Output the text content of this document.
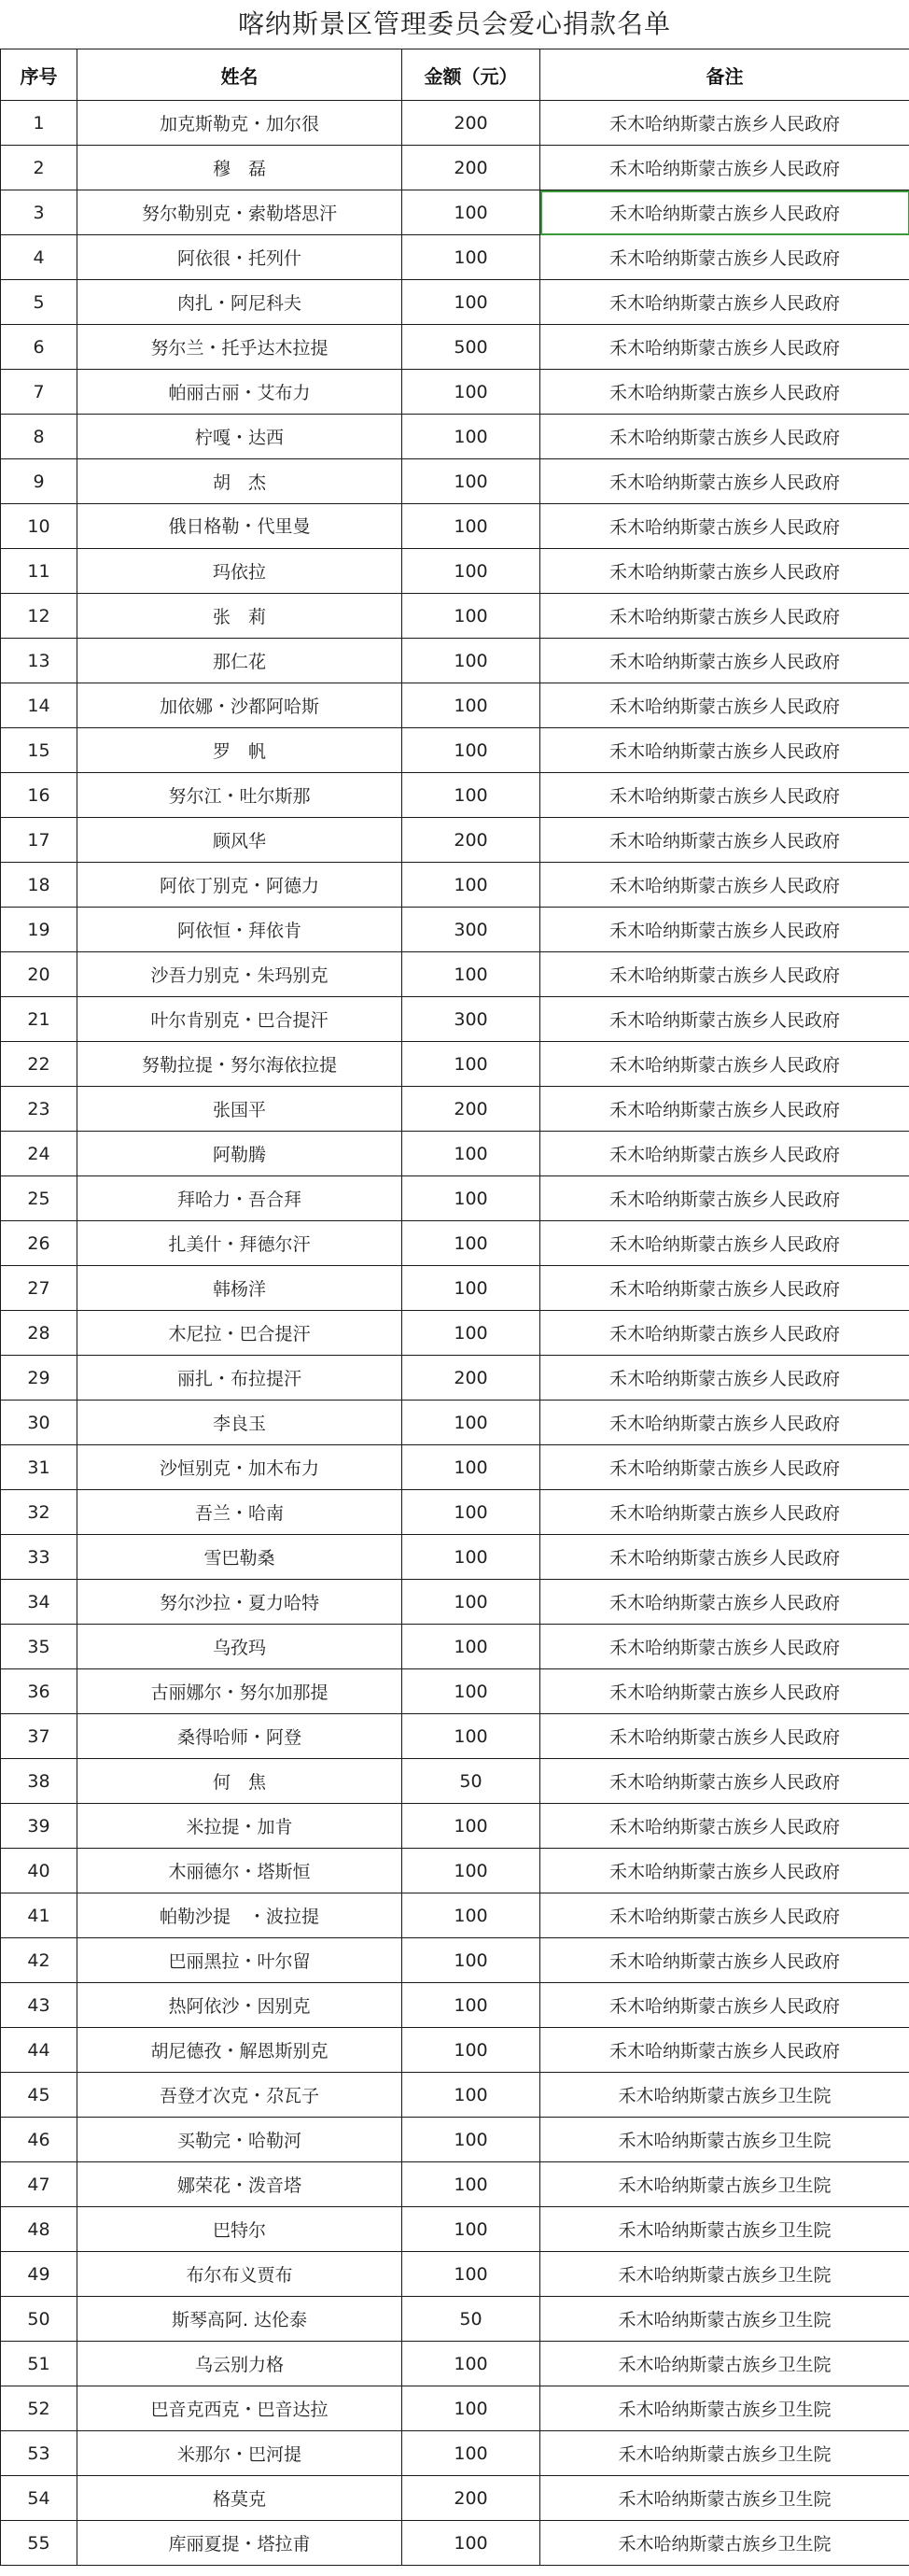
喀纳斯景区管理委员会爱心捐款名单
序号	姓名	金额（元）	备注
1	加克斯勒克・加尔很	200	禾木哈纳斯蒙古族乡人民政府
2	穆　磊	200	禾木哈纳斯蒙古族乡人民政府
3	努尔勒别克・索勒塔思汗	100	禾木哈纳斯蒙古族乡人民政府
4	阿依很・托列什	100	禾木哈纳斯蒙古族乡人民政府
5	肉扎・阿尼科夫	100	禾木哈纳斯蒙古族乡人民政府
6	努尔兰・托乎达木拉提	500	禾木哈纳斯蒙古族乡人民政府
7	帕丽古丽・艾布力	100	禾木哈纳斯蒙古族乡人民政府
8	柠嘎・达西	100	禾木哈纳斯蒙古族乡人民政府
9	胡　杰	100	禾木哈纳斯蒙古族乡人民政府
10	俄日格勒・代里曼	100	禾木哈纳斯蒙古族乡人民政府
11	玛依拉	100	禾木哈纳斯蒙古族乡人民政府
12	张　莉	100	禾木哈纳斯蒙古族乡人民政府
13	那仁花	100	禾木哈纳斯蒙古族乡人民政府
14	加依娜・沙都阿哈斯	100	禾木哈纳斯蒙古族乡人民政府
15	罗　帆	100	禾木哈纳斯蒙古族乡人民政府
16	努尔江・吐尔斯那	100	禾木哈纳斯蒙古族乡人民政府
17	顾风华	200	禾木哈纳斯蒙古族乡人民政府
18	阿依丁别克・阿德力	100	禾木哈纳斯蒙古族乡人民政府
19	阿依恒・拜依肯	300	禾木哈纳斯蒙古族乡人民政府
20	沙吾力别克・朱玛别克	100	禾木哈纳斯蒙古族乡人民政府
21	叶尔肯别克・巴合提汗	300	禾木哈纳斯蒙古族乡人民政府
22	努勒拉提・努尔海依拉提	100	禾木哈纳斯蒙古族乡人民政府
23	张国平	200	禾木哈纳斯蒙古族乡人民政府
24	阿勒腾	100	禾木哈纳斯蒙古族乡人民政府
25	拜哈力・吾合拜	100	禾木哈纳斯蒙古族乡人民政府
26	扎美什・拜德尔汗	100	禾木哈纳斯蒙古族乡人民政府
27	韩杨洋	100	禾木哈纳斯蒙古族乡人民政府
28	木尼拉・巴合提汗	100	禾木哈纳斯蒙古族乡人民政府
29	丽扎・布拉提汗	200	禾木哈纳斯蒙古族乡人民政府
30	李良玉	100	禾木哈纳斯蒙古族乡人民政府
31	沙恒别克・加木布力	100	禾木哈纳斯蒙古族乡人民政府
32	吾兰・哈南	100	禾木哈纳斯蒙古族乡人民政府
33	雪巴勒桑	100	禾木哈纳斯蒙古族乡人民政府
34	努尔沙拉・夏力哈特	100	禾木哈纳斯蒙古族乡人民政府
35	乌孜玛	100	禾木哈纳斯蒙古族乡人民政府
36	古丽娜尔・努尔加那提	100	禾木哈纳斯蒙古族乡人民政府
37	桑得哈师・阿登	100	禾木哈纳斯蒙古族乡人民政府
38	何　焦	50	禾木哈纳斯蒙古族乡人民政府
39	米拉提・加肯	100	禾木哈纳斯蒙古族乡人民政府
40	木丽德尔・塔斯恒	100	禾木哈纳斯蒙古族乡人民政府
41	帕勒沙提　・波拉提	100	禾木哈纳斯蒙古族乡人民政府
42	巴丽黑拉・叶尔留	100	禾木哈纳斯蒙古族乡人民政府
43	热阿依沙・因别克	100	禾木哈纳斯蒙古族乡人民政府
44	胡尼德孜・解恩斯别克	100	禾木哈纳斯蒙古族乡人民政府
45	吾登才次克・尕瓦子	100	禾木哈纳斯蒙古族乡卫生院
46	买勒完・哈勒河	100	禾木哈纳斯蒙古族乡卫生院
47	娜荣花・泼音塔	100	禾木哈纳斯蒙古族乡卫生院
48	巴特尔	100	禾木哈纳斯蒙古族乡卫生院
49	布尔布义贾布	100	禾木哈纳斯蒙古族乡卫生院
50	斯琴高阿. 达伦泰	50	禾木哈纳斯蒙古族乡卫生院
51	乌云别力格	100	禾木哈纳斯蒙古族乡卫生院
52	巴音克西克・巴音达拉	100	禾木哈纳斯蒙古族乡卫生院
53	米那尔・巴河提	100	禾木哈纳斯蒙古族乡卫生院
54	格莫克	200	禾木哈纳斯蒙古族乡卫生院
55	库丽夏提・塔拉甫	100	禾木哈纳斯蒙古族乡卫生院
